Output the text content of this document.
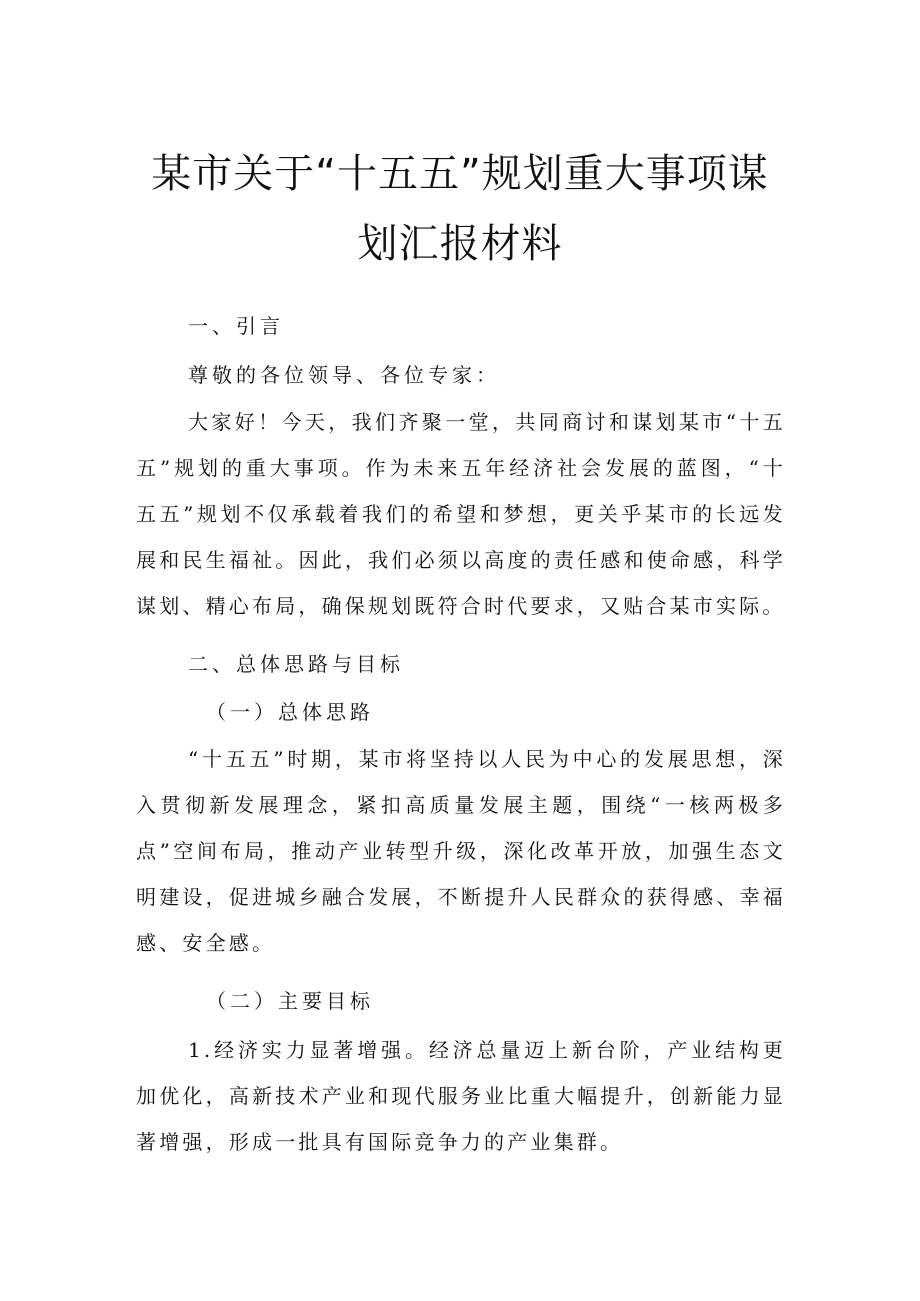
某市关于“十五五”规划重大事项谋
划汇报材料

一、引言

尊敬的各位领导、各位专家：

大家好！今天，我们齐聚一堂，共同商讨和谋划某市“十五五”规划的重大事项。作为未来五年经济社会发展的蓝图，“十五五”规划不仅承载着我们的希望和梦想，更关乎某市的长远发展和民生福祉。因此，我们必须以高度的责任感和使命感，科学谋划、精心布局，确保规划既符合时代要求，又贴合某市实际。

二、总体思路与目标

（一）总体思路

“十五五”时期，某市将坚持以人民为中心的发展思想，深入贯彻新发展理念，紧扣高质量发展主题，围绕“一核两极多点”空间布局，推动产业转型升级，深化改革开放，加强生态文明建设，促进城乡融合发展，不断提升人民群众的获得感、幸福感、安全感。

（二）主要目标

1.经济实力显著增强。经济总量迈上新台阶，产业结构更加优化，高新技术产业和现代服务业比重大幅提升，创新能力显著增强，形成一批具有国际竞争力的产业集群。
